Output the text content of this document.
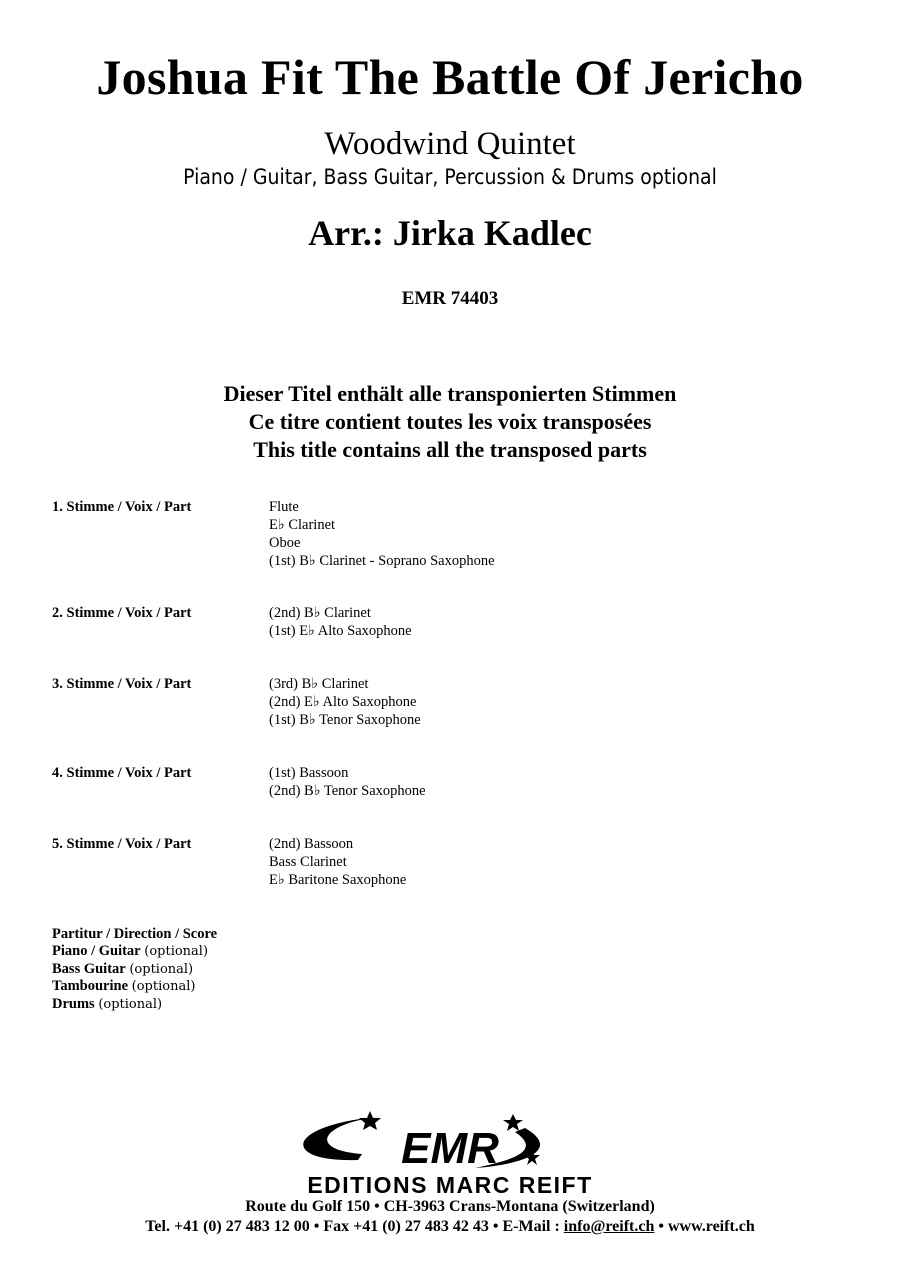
Joshua Fit The Battle Of Jericho
Woodwind Quintet
Piano / Guitar, Bass Guitar, Percussion & Drums optional
Arr.: Jirka Kadlec
EMR 74403
Dieser Titel enthält alle transponierten Stimmen
Ce titre contient toutes les voix transposées
This title contains all the transposed parts
1. Stimme / Voix / Part	Flute
E♭ Clarinet
Oboe
(1st) B♭ Clarinet - Soprano Saxophone
2. Stimme / Voix / Part	(2nd) B♭ Clarinet
(1st) E♭ Alto Saxophone
3. Stimme / Voix / Part	(3rd) B♭ Clarinet
(2nd) E♭ Alto Saxophone
(1st) B♭ Tenor Saxophone
4. Stimme / Voix / Part	(1st) Bassoon
(2nd) B♭ Tenor Saxophone
5. Stimme / Voix / Part	(2nd) Bassoon
Bass Clarinet
E♭ Baritone Saxophone
Partitur / Direction / Score
Piano / Guitar (optional)
Bass Guitar (optional)
Tambourine (optional)
Drums (optional)
EMR
EDITIONS MARC REIFT
Route du Golf 150 • CH-3963 Crans-Montana (Switzerland)
Tel. +41 (0) 27 483 12 00 • Fax +41 (0) 27 483 42 43 • E-Mail : info@reift.ch • www.reift.ch
